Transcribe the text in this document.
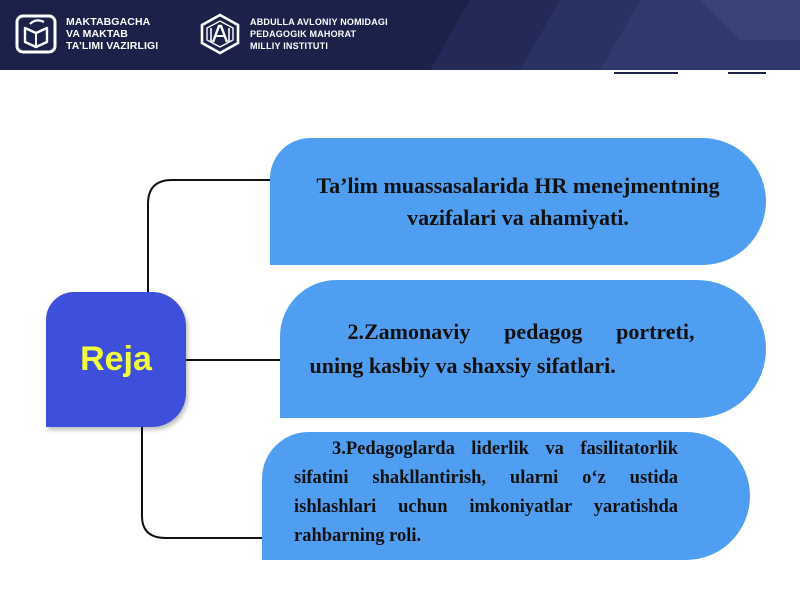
MAKTABGACHA
VA MAKTAB
TA’LIMI VAZIRLIGI
ABDULLA AVLONIY NOMIDAGI
PEDAGOGIK MAHORAT
MILLIY INSTITUTI
Reja
Ta’lim muassasalarida HR menejmentning vazifalari va ahamiyati.

2.Zamonaviy pedagog portreti, uning kasbiy va shaxsiy sifatlari.

3.Pedagoglarda liderlik va fasilitatorlik sifatini shakllantirish, ularni o‘z ustida ishlashlari uchun imkoniyatlar yaratishda rahbarning roli.
